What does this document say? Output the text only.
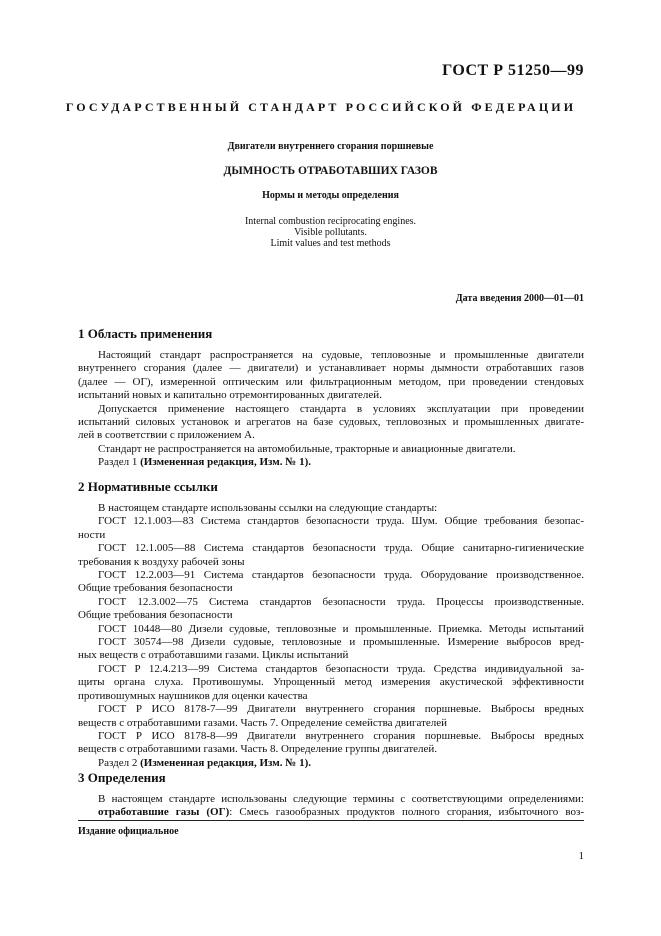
ГОСТ Р 51250—99
ГОСУДАРСТВЕННЫЙ СТАНДАРТ РОССИЙСКОЙ ФЕДЕРАЦИИ
Двигатели внутреннего сгорания поршневые
ДЫМНОСТЬ ОТРАБОТАВШИХ ГАЗОВ
Нормы и методы определения
Internal combustion reciprocating engines.
Visible pollutants.
Limit values and test methods
Дата введения 2000—01—01
1 Область применения
Настоящий стандарт распространяется на судовые, тепловозные и промышленные двигатели
внутреннего сгорания (далее — двигатели) и устанавливает нормы дымности отработавших газов
(далее — ОГ), измеренной оптическим или фильтрационным методом, при проведении стендовых
испытаний новых и капитально отремонтированных двигателей.
Допускается применение настоящего стандарта в условиях эксплуатации при проведении
испытаний силовых установок и агрегатов на базе судовых, тепловозных и промышленных двигате-
лей в соответствии с приложением А.
Стандарт не распространяется на автомобильные, тракторные и авиационные двигатели.
Раздел 1 (Измененная редакция, Изм. № 1).
2 Нормативные ссылки
В настоящем стандарте использованы ссылки на следующие стандарты:
ГОСТ 12.1.003—83 Система стандартов безопасности труда. Шум. Общие требования безопас-
ности
ГОСТ 12.1.005—88 Система стандартов безопасности труда. Общие санитарно-гигиенические
требования к воздуху рабочей зоны
ГОСТ 12.2.003—91 Система стандартов безопасности труда. Оборудование производственное.
Общие требования безопасности
ГОСТ 12.3.002—75 Система стандартов безопасности труда. Процессы производственные.
Общие требования безопасности
ГОСТ 10448—80 Дизели судовые, тепловозные и промышленные. Приемка. Методы испытаний
ГОСТ 30574—98 Дизели судовые, тепловозные и промышленные. Измерение выбросов вред-
ных веществ с отработавшими газами. Циклы испытаний
ГОСТ Р 12.4.213—99 Система стандартов безопасности труда. Средства индивидуальной за-
щиты органа слуха. Противошумы. Упрощенный метод измерения акустической эффективности
противошумных наушников для оценки качества
ГОСТ Р ИСО 8178-7—99 Двигатели внутреннего сгорания поршневые. Выбросы вредных
веществ с отработавшими газами. Часть 7. Определение семейства двигателей
ГОСТ Р ИСО 8178-8—99 Двигатели внутреннего сгорания поршневые. Выбросы вредных
веществ с отработавшими газами. Часть 8. Определение группы двигателей.
Раздел 2 (Измененная редакция, Изм. № 1).
3 Определения
В настоящем стандарте использованы следующие термины с соответствующими определениями:
отработавшие газы (ОГ): Смесь газообразных продуктов полного сгорания, избыточного воз-
Издание официальное
1
